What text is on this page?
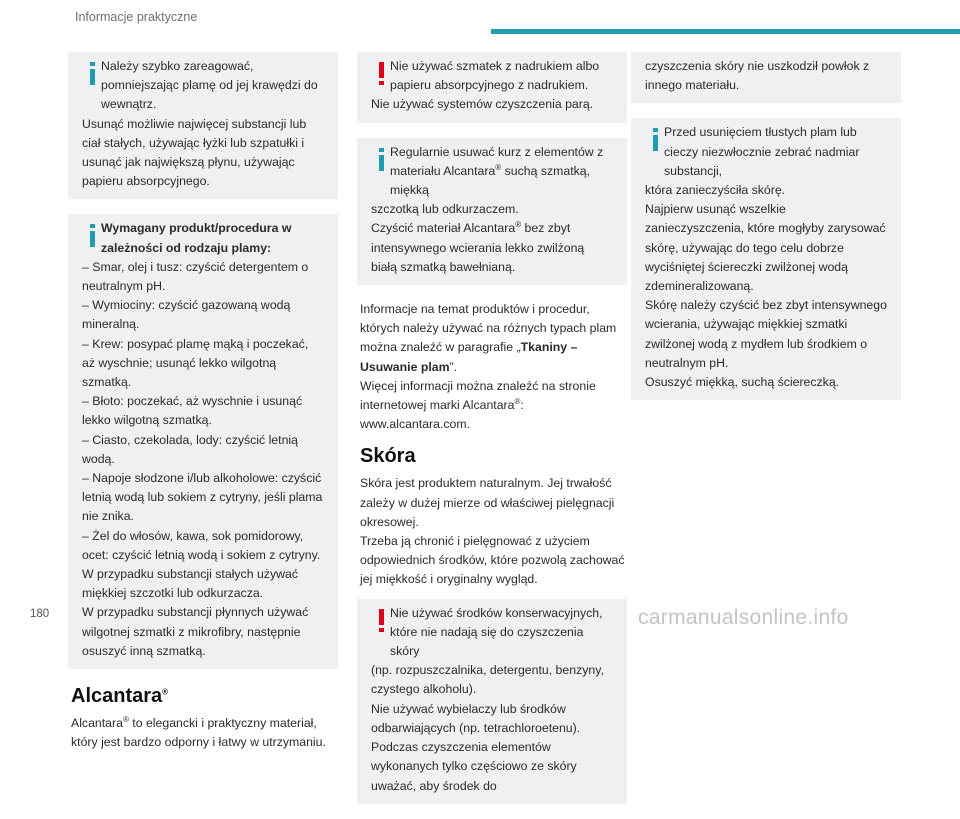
Informacje praktyczne

Należy szybko zareagować, pomniejszając plamę od jej krawędzi do wewnątrz.

Usunąć możliwie najwięcej substancji lub ciał stałych, używając łyżki lub szpatułki i usunąć jak największą płynu, używając papieru absorpcyjnego.

Wymagany produkt/procedura w zależności od rodzaju plamy:

– Smar, olej i tusz: czyścić detergentem o neutralnym pH.

– Wymiociny: czyścić gazowaną wodą mineralną.

– Krew: posypać plamę mąką i poczekać, aż wyschnie; usunąć lekko wilgotną szmatką.

– Błoto: poczekać, aż wyschnie i usunąć lekko wilgotną szmatką.

– Ciasto, czekolada, lody: czyścić letnią wodą.

– Napoje słodzone i/lub alkoholowe: czyścić letnią wodą lub sokiem z cytryny, jeśli plama nie znika.

– Żel do włosów, kawa, sok pomidorowy, ocet: czyścić letnią wodą i sokiem z cytryny.

W przypadku substancji stałych używać miękkiej szczotki lub odkurzacza.

W przypadku substancji płynnych używać wilgotnej szmatki z mikrofibry, następnie osuszyć inną szmatką.

Alcantara®

Alcantara® to elegancki i praktyczny materiał, który jest bardzo odporny i łatwy w utrzymaniu.

Nie używać szmatek z nadrukiem albo papieru absorpcyjnego z nadrukiem.

Nie używać systemów czyszczenia parą.

Regularnie usuwać kurz z elementów z materiału Alcantara® suchą szmatką, miękką

szczotką lub odkurzaczem.

Czyścić materiał Alcantara® bez zbyt intensywnego wcierania lekko zwilżoną białą szmatką bawełnianą.

Informacje na temat produktów i procedur, których należy używać na różnych typach plam można znaleźć w paragrafie „Tkaniny – Usuwanie plam”.

Więcej informacji można znaleźć na stronie internetowej marki Alcantara®: www.alcantara.com.

Skóra

Skóra jest produktem naturalnym. Jej trwałość zależy w dużej mierze od właściwej pielęgnacji okresowej.

Trzeba ją chronić i pielęgnować z użyciem odpowiednich środków, które pozwolą zachować jej miękkość i oryginalny wygląd.

Nie używać środków konserwacyjnych, które nie nadają się do czyszczenia skóry

(np. rozpuszczalnika, detergentu, benzyny, czystego alkoholu).

Nie używać wybielaczy lub środków odbarwiających (np. tetrachloroetenu).

Podczas czyszczenia elementów wykonanych tylko częściowo ze skóry uważać, aby środek do

czyszczenia skóry nie uszkodził powłok z innego materiału.

Przed usunięciem tłustych plam lub cieczy niezwłocznie zebrać nadmiar substancji,

która zanieczyściła skórę.

Najpierw usunąć wszelkie zanieczyszczenia, które mogłyby zarysować skórę, używając do tego celu dobrze wyciśniętej ściereczki zwilżonej wodą zdemineralizowaną.

Skórę należy czyścić bez zbyt intensywnego wcierania, używając miękkiej szmatki zwilżonej wodą z mydłem lub środkiem o neutralnym pH.

Osuszyć miękką, suchą ściereczką.

180	carmanualsonline.info
